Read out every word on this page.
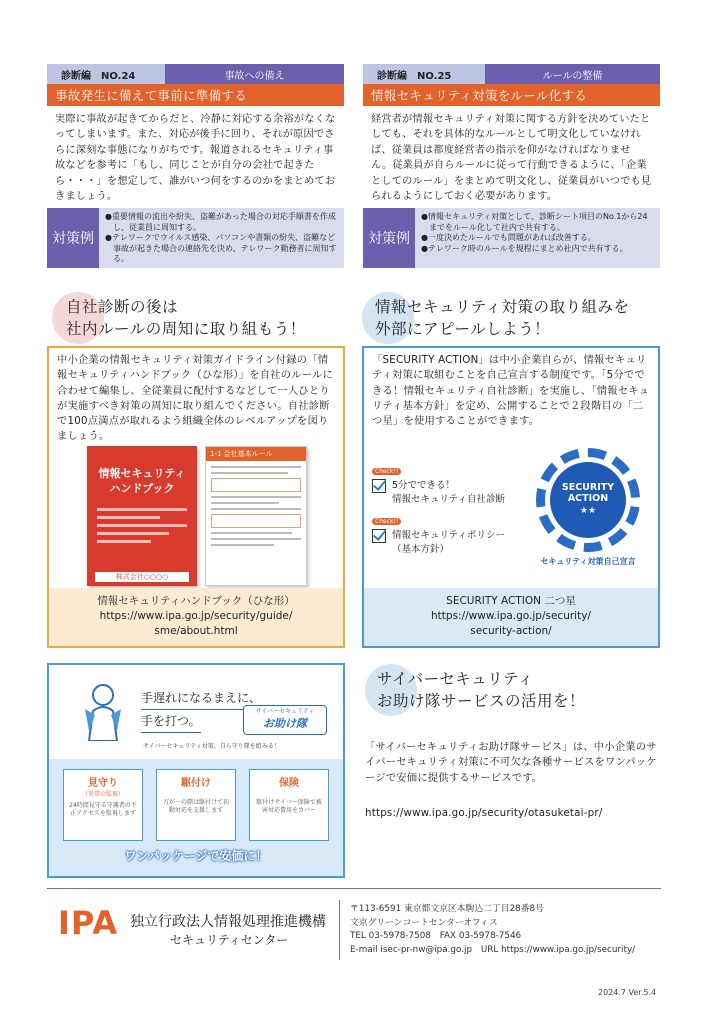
診断編　NO.24	事故への備え
事故発生に備えて事前に準備する
実際に事故が起きてからだと、冷静に対応する余裕がなくなってしまいます。また、対応が後手に回り、それが原因でさらに深刻な事態になりがちです。報道されるセキュリティ事故などを参考に「もし、同じことが自分の会社で起きたら・・・」を想定して、誰がいつ何をするのかをまとめておきましょう。
対策例
●重要情報の流出や紛失、盗難があった場合の対応手順書を作成し、従業員に周知する。
●テレワークでウイルス感染、パソコンや書類の紛失、盗難など事故が起きた場合の連絡先を決め、テレワーク勤務者に周知する。
診断編　NO.25	ルールの整備
情報セキュリティ対策をルール化する
経営者が情報セキュリティ対策に関する方針を決めていたとしても、それを具体的なルールとして明文化していなければ、従業員は都度経営者の指示を仰がなければなりません。従業員が自らルールに従って行動できるように、「企業としてのルール」をまとめて明文化し、従業員がいつでも見られるようにしておく必要があります。
対策例
●情報セキュリティ対策として、診断シート項目のNo.1から24までをルール化して社内で共有する。
●一度決めたルールでも問題があれば改善する。
●テレワーク時のルールを規程にまとめ社内で共有する。
自社診断の後は
社内ルールの周知に取り組もう！
中小企業の情報セキュリティ対策ガイドライン付録の「情報セキュリティハンドブック（ひな形）」を自社のルールに合わせて編集し、全従業員に配付するなどして一人ひとりが実施すべき対策の周知に取り組んでください。自社診断で100点満点が取れるよう組織全体のレベルアップを図りましょう。
情報セキュリティ
ハンドブック
株式会社○○○○
1-1 会社基本ルール
情報セキュリティハンドブック（ひな形）
https://www.ipa.go.jp/security/guide/
sme/about.html
情報セキュリティ対策の取り組みを
外部にアピールしよう！
「SECURITY ACTION」は中小企業自らが、情報セキュリティ対策に取組むことを自己宣言する制度です。「5分でできる！情報セキュリティ自社診断」を実施し、「情報セキュリティ基本方針」を定め、公開することで２段階目の「二つ星」を使用することができます。
Check!!
5分でできる！
情報セキュリティ自社診断
Check!!
情報セキュリティポリシー
（基本方針）
SECURITY
ACTION
★★
セキュリティ対策自己宣言
SECURITY ACTION 二つ星
https://www.ipa.go.jp/security/
security-action/
手遅れになるまえに、
手を打つ。
サイバーセキュリティ
お助け隊
サイバーセキュリティ対策、自ら守り隊を組みる！
見守り
（異常の監視）
24時間見守る守護者の不正アクセスを監視します
駆付け
万が一の際は駆付けて初動対応を支援します
保険
駆付けサイバー保険で被害対応費用をカバー
ワンパッケージで安価に！
サイバーセキュリティ
お助け隊サービスの活用を！
「サイバーセキュリティお助け隊サービス」は、中小企業のサイバーセキュリティ対策に不可欠な各種サービスをワンパッケージで安価に提供するサービスです。
https://www.ipa.go.jp/security/otasuketai-pr/
IPA 独立行政法人情報処理推進機構
セキュリティセンター
〒113-6591 東京都文京区本駒込二丁目28番8号
文京グリーンコートセンターオフィス
TEL 03-5978-7508　FAX 03-5978-7546
E-mail isec-pr-nw@ipa.go.jp　URL https://www.ipa.go.jp/security/
2024.7 Ver.5.4
